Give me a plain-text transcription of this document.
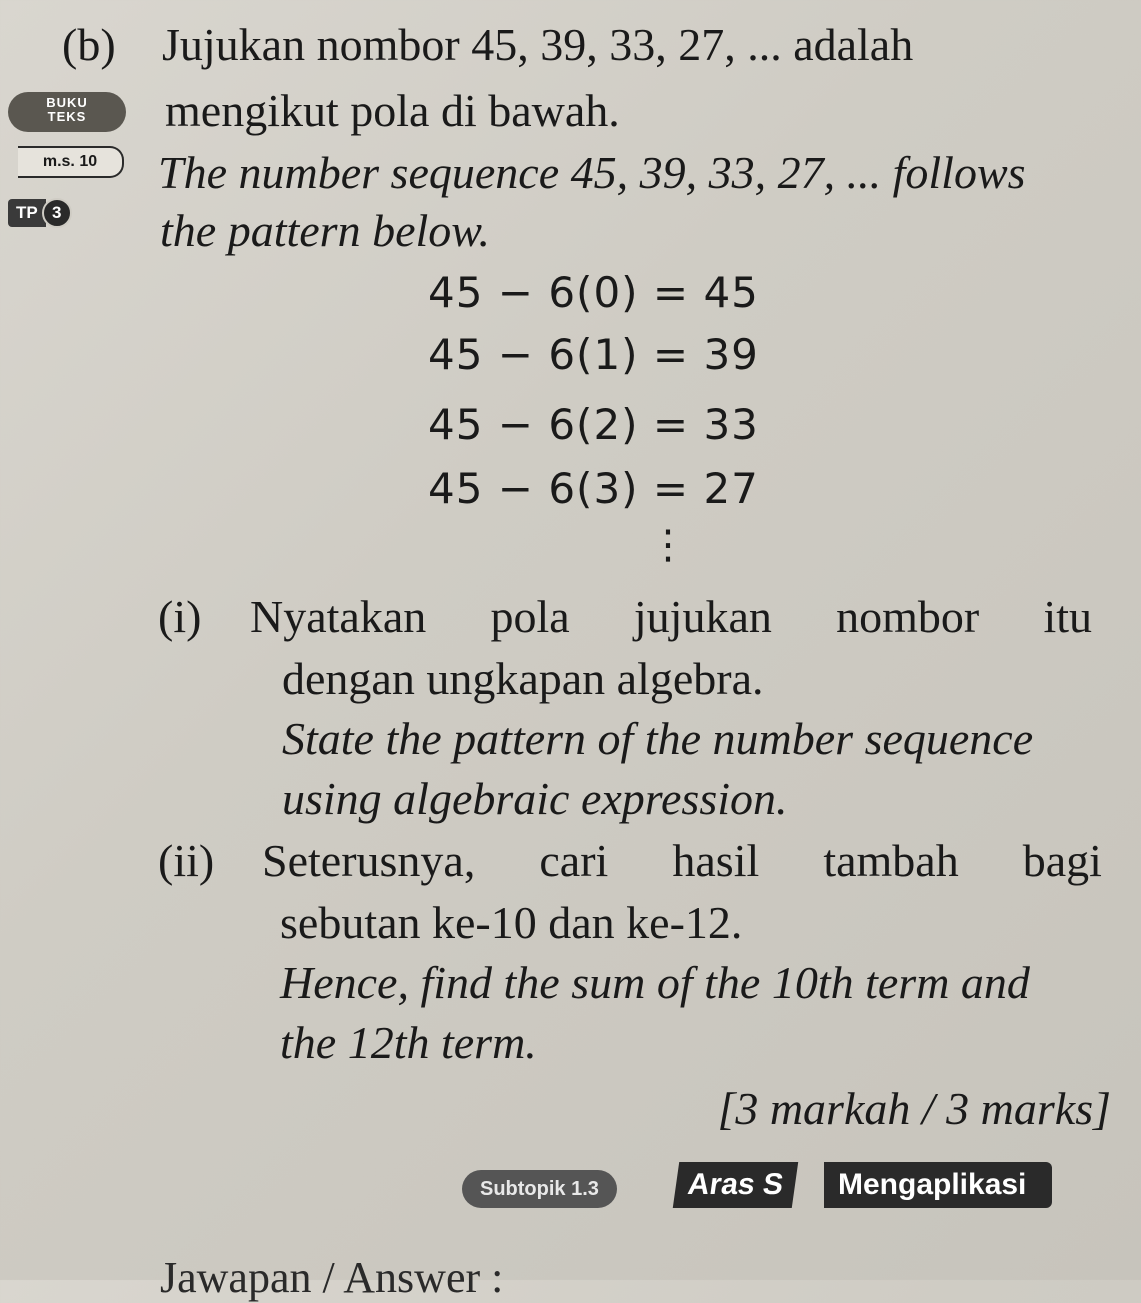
(b) Jujukan nombor 45, 39, 33, 27, ... adalah
mengikut pola di bawah.
The number sequence 45, 39, 33, 27, ... follows
the pattern below.
BUKU TEKS
m.s. 10
TP 3
45 − 6(0) = 45
45 − 6(1) = 39
45 − 6(2) = 33
45 − 6(3) = 27
⋮
(i) Nyatakan pola jujukan nombor itu
dengan ungkapan algebra.
State the pattern of the number sequence
using algebraic expression.
(ii) Seterusnya, cari hasil tambah bagi
sebutan ke-10 dan ke-12.
Hence, find the sum of the 10th term and
the 12th term.
[3 markah / 3 marks]
Subtopik 1.3	Aras S	Mengaplikasi
Jawapan / Answer :
